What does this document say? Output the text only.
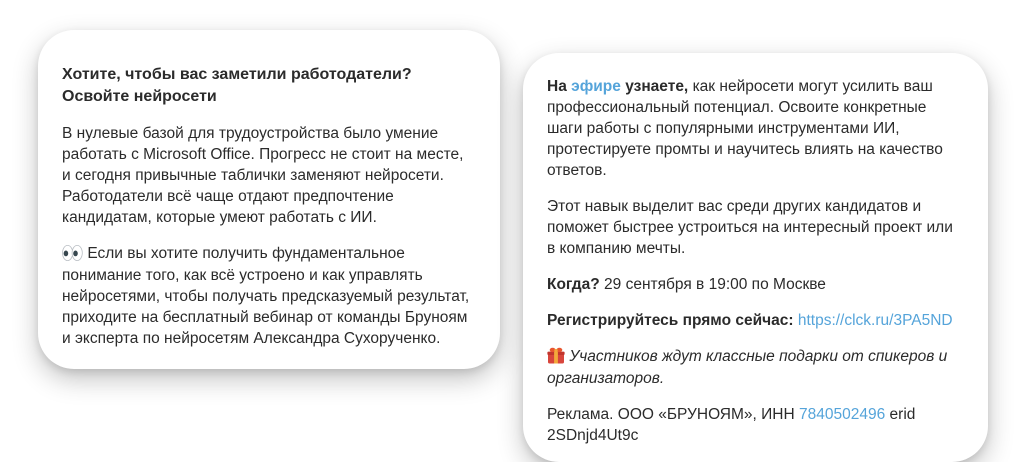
Хотите, чтобы вас заметили работодатели? Освойте нейросети

В нулевые базой для трудоустройства было умение работать с Microsoft Office. Прогресс не стоит на месте, и сегодня привычные таблички заменяют нейросети. Работодатели всё чаще отдают предпочтение кандидатам, которые умеют работать с ИИ.

Если вы хотите получить фундаментальное понимание того, как всё устроено и как управлять нейросетями, чтобы получать предсказуемый результат, приходите на бесплатный вебинар от команды Бруноям и эксперта по нейросетям Александра Сухорученко.

На эфире узнаете, как нейросети могут усилить ваш профессиональный потенциал. Освоите конкретные шаги работы с популярными инструментами ИИ, протестируете промты и научитесь влиять на качество ответов.

Этот навык выделит вас среди других кандидатов и поможет быстрее устроиться на интересный проект или в компанию мечты.

Когда? 29 сентября в 19:00 по Москве

Регистрируйтесь прямо сейчас: https://clck.ru/3PA5ND

Участников ждут классные подарки от спикеров и организаторов.

Реклама. ООО «БРУНОЯМ», ИНН 7840502496 erid 2SDnjd4Ut9c
